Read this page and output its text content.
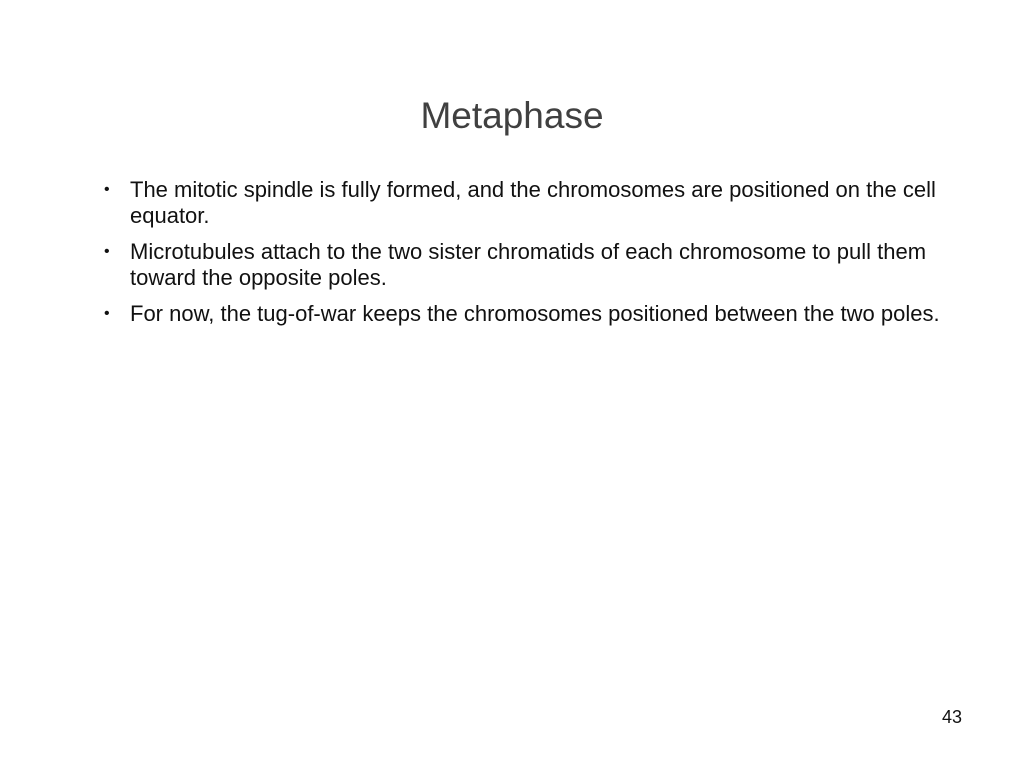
Metaphase
• The mitotic spindle is fully formed, and the chromosomes are positioned on the cell equator.
• Microtubules attach to the two sister chromatids of each chromosome to pull them toward the opposite poles.
• For now, the tug-of-war keeps the chromosomes positioned between the two poles.
43
